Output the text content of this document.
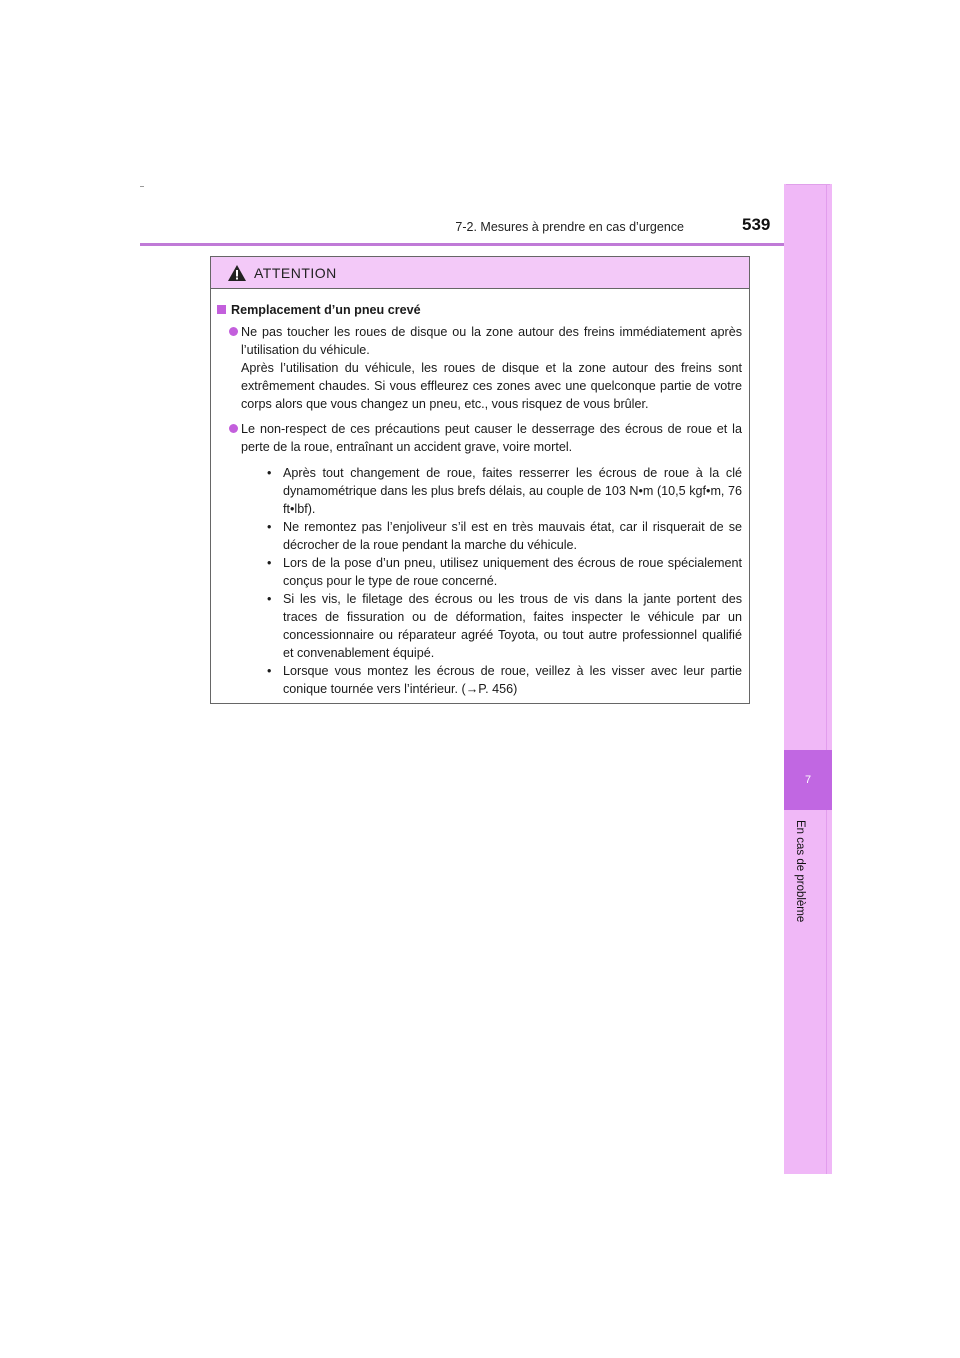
7-2. Mesures à prendre en cas d’urgence	539
7
En cas de problème
ATTENTION
Remplacement d’un pneu crevé

Ne pas toucher les roues de disque ou la zone autour des freins immédiatement après l’utilisation du véhicule.

Après l’utilisation du véhicule, les roues de disque et la zone autour des freins sont extrêmement chaudes. Si vous effleurez ces zones avec une quelconque partie de votre corps alors que vous changez un pneu, etc., vous risquez de vous brûler.

Le non-respect de ces précautions peut causer le desserrage des écrous de roue et la perte de la roue, entraînant un accident grave, voire mortel.

• Après tout changement de roue, faites resserrer les écrous de roue à la clé dynamométrique dans les plus brefs délais, au couple de 103 N•m (10,5 kgf•m, 76 ft•lbf).
• Ne remontez pas l’enjoliveur s’il est en très mauvais état, car il risquerait de se décrocher de la roue pendant la marche du véhicule.
• Lors de la pose d’un pneu, utilisez uniquement des écrous de roue spécialement conçus pour le type de roue concerné.
• Si les vis, le filetage des écrous ou les trous de vis dans la jante portent des traces de fissuration ou de déformation, faites inspecter le véhicule par un concessionnaire ou réparateur agréé Toyota, ou tout autre professionnel qualifié et convenablement équipé.
• Lorsque vous montez les écrous de roue, veillez à les visser avec leur partie conique tournée vers l’intérieur. (→P. 456)
